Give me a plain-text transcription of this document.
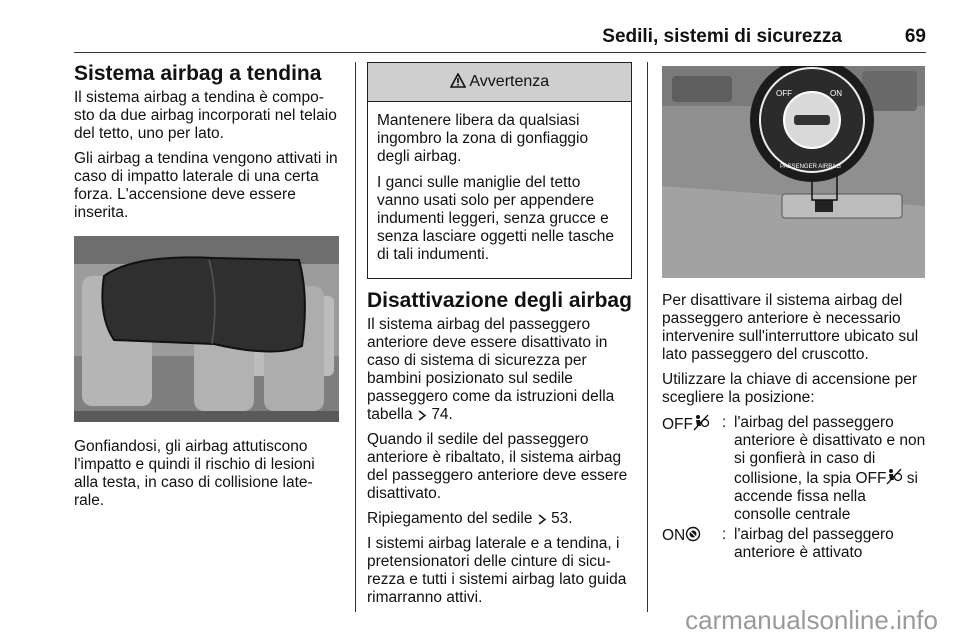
Sedili, sistemi di sicurezza	69
Sistema airbag a tendina

Il sistema airbag a tendina è compo-sto da due airbag incorporati nel telaio del tetto, uno per lato.

Gli airbag a tendina vengono attivati in caso di impatto laterale di una certa forza. L'accensione deve essere inserita.

Gonfiandosi, gli airbag attutiscono l'impatto e quindi il rischio di lesioni alla testa, in caso di collisione late-rale.

Avvertenza

Mantenere libera da qualsiasi ingombro la zona di gonfiaggio degli airbag.

I ganci sulle maniglie del tetto vanno usati solo per appendere indumenti leggeri, senza grucce e senza lasciare oggetti nelle tasche di tali indumenti.

Disattivazione degli airbag

Il sistema airbag del passeggero anteriore deve essere disattivato in caso di sistema di sicurezza per bambini posizionato sul sedile passeggero come da istruzioni della tabella 74.

Quando il sedile del passeggero anteriore è ribaltato, il sistema airbag del passeggero anteriore deve essere disattivato.

Ripiegamento del sedile 53.

I sistemi airbag laterale e a tendina, i pretensionatori delle cinture di sicu-rezza e tutti i sistemi airbag lato guida rimarranno attivi.

OFF	ON
PASSENGER AIRBAG

Per disattivare il sistema airbag del passeggero anteriore è necessario intervenire sull'interruttore ubicato sul lato passeggero del cruscotto.

Utilizzare la chiave di accensione per scegliere la posizione:

OFF	: l'airbag del passeggero anteriore è disattivato e non si gonfierà in caso di collisione, la spia OFF si accende fissa nella consolle centrale
ON	: l'airbag del passeggero anteriore è attivato
carmanualsonline.info
